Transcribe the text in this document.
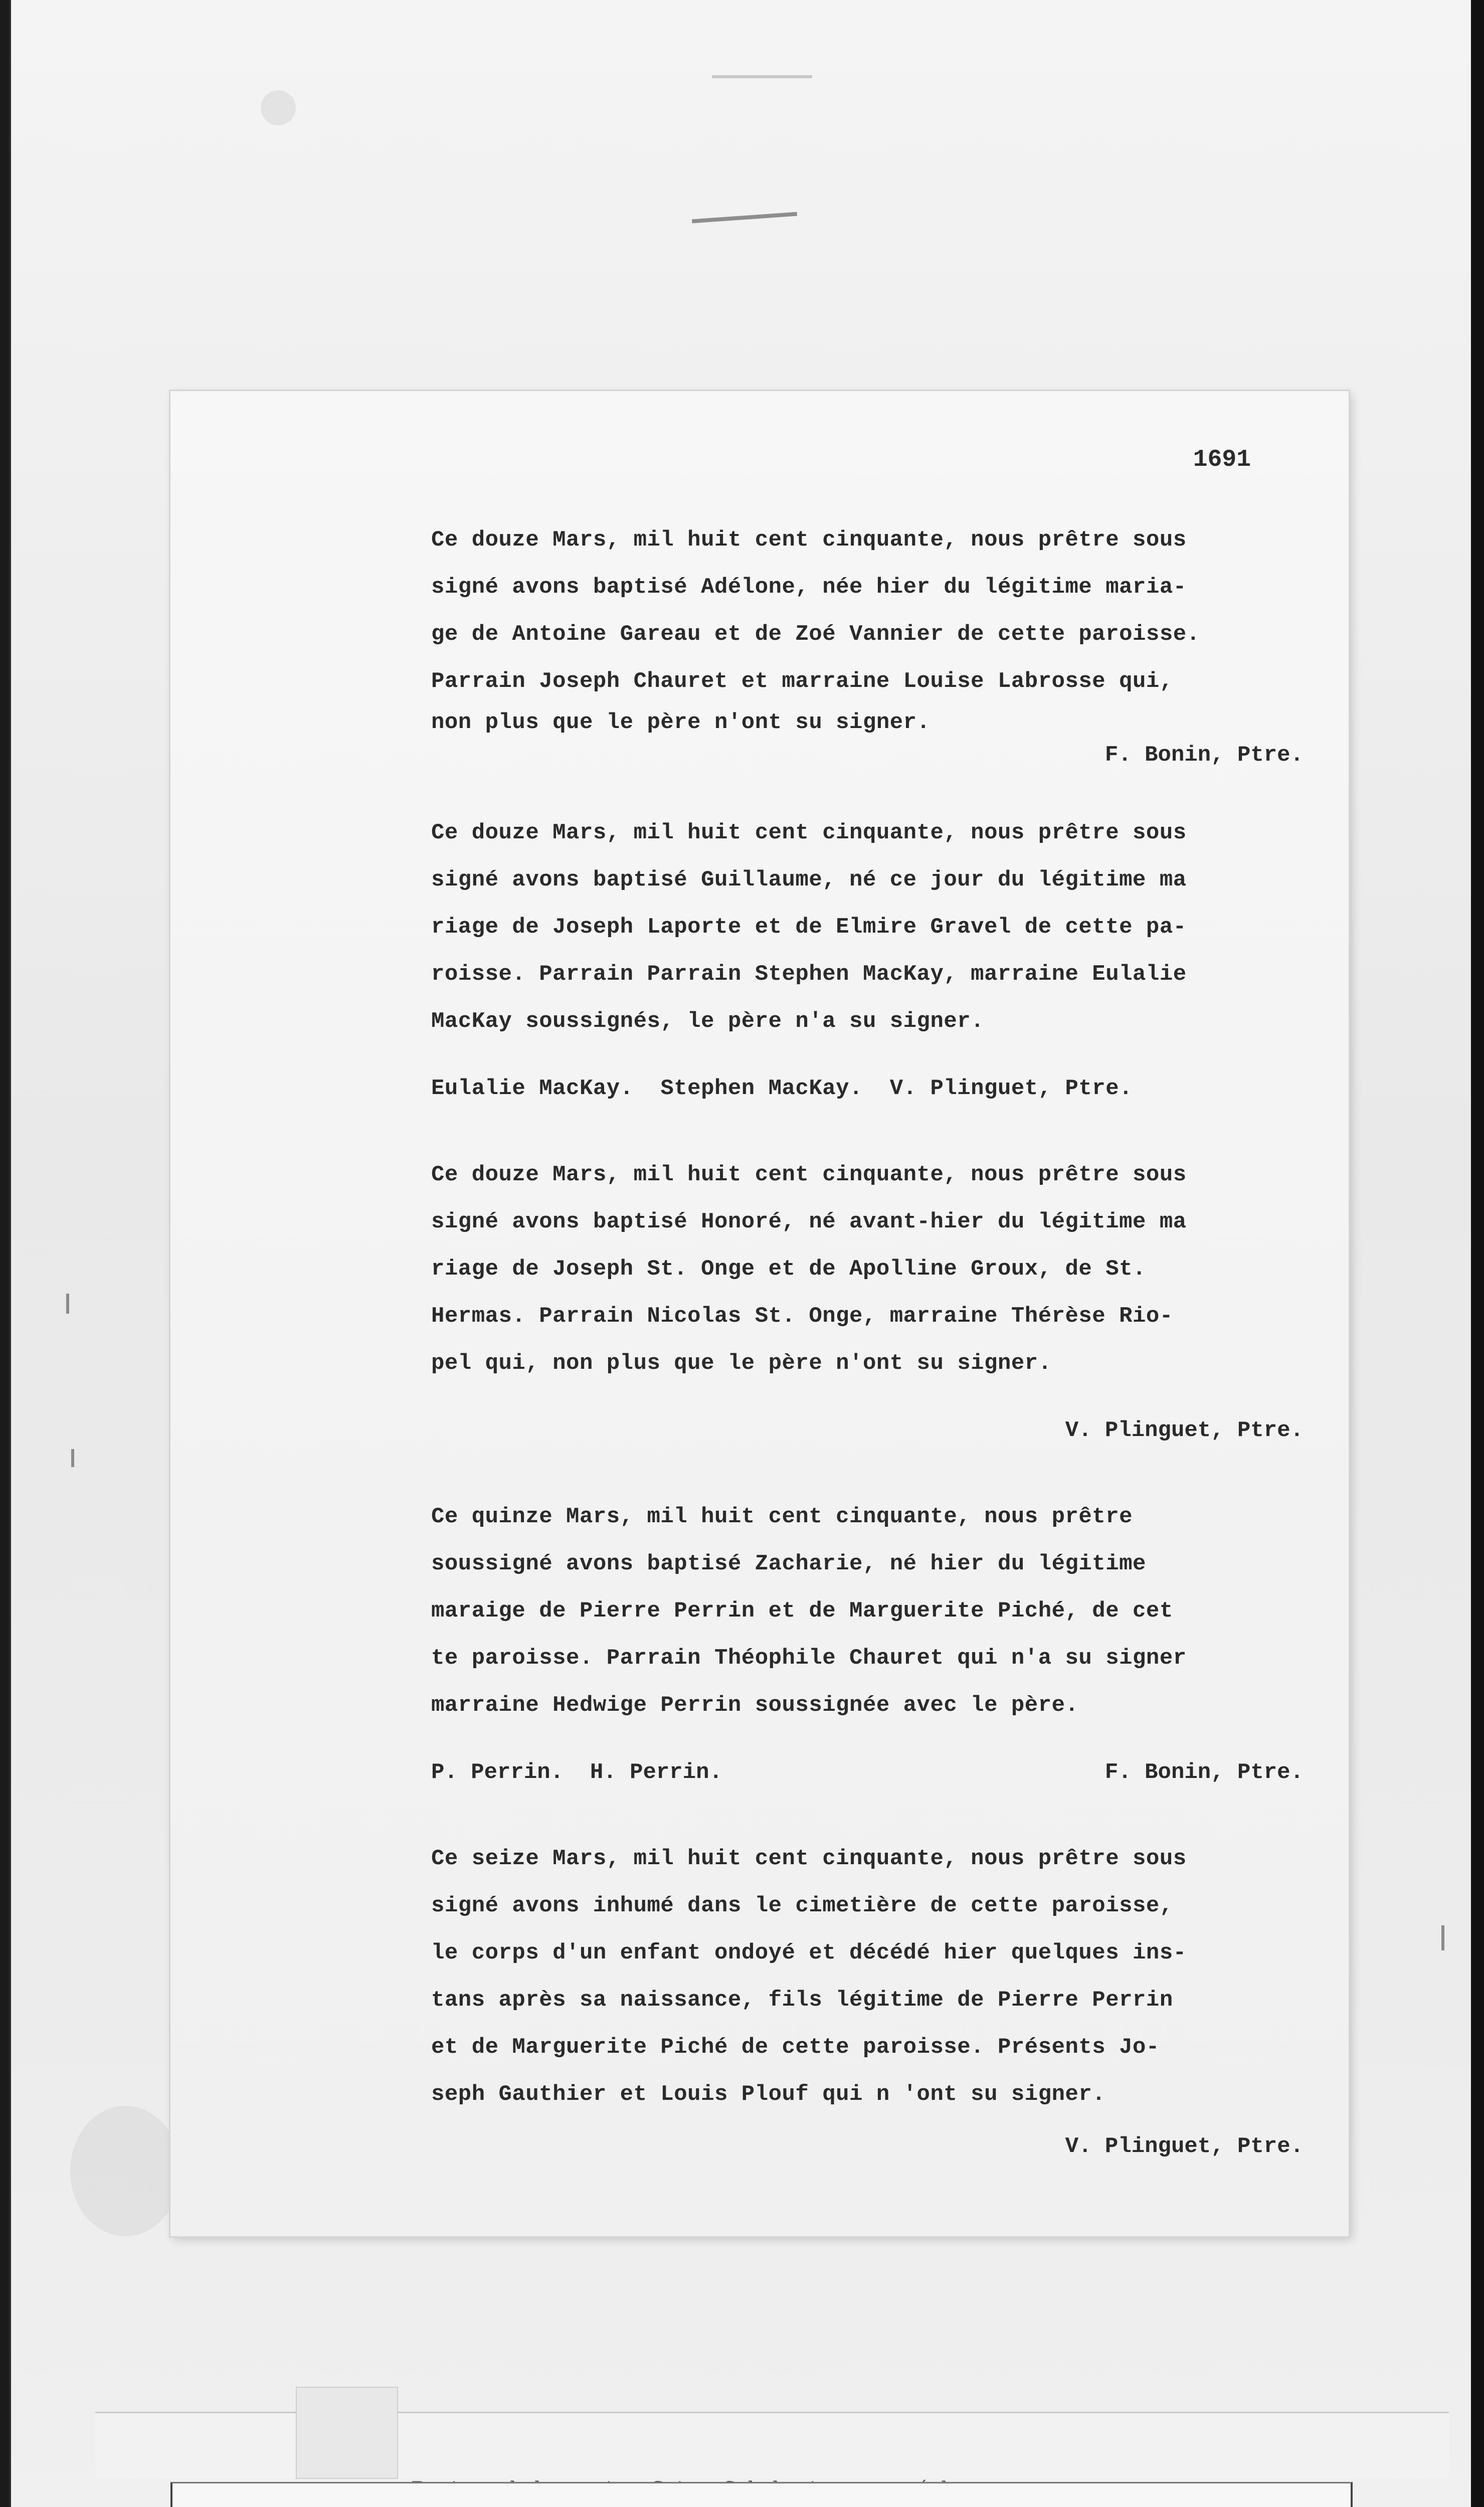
1691
Ce douze Mars, mil huit cent cinquante, nous prêtre sous
signé avons baptisé Adélone, née hier du légitime maria-
ge de Antoine Gareau et de Zoé Vannier de cette paroisse.
Parrain Joseph Chauret et marraine Louise Labrosse qui,
non plus que le père n'ont su signer.
F. Bonin, Ptre.
Ce douze Mars, mil huit cent cinquante, nous prêtre sous
signé avons baptisé Guillaume, né ce jour du légitime ma
riage de Joseph Laporte et de Elmire Gravel de cette pa-
roisse. Parrain Parrain Stephen MacKay, marraine Eulalie
MacKay soussignés, le père n'a su signer.
Eulalie MacKay.  Stephen MacKay.  V. Plinguet, Ptre.
Ce douze Mars, mil huit cent cinquante, nous prêtre sous
signé avons baptisé Honoré, né avant-hier du légitime ma
riage de Joseph St. Onge et de Apolline Groux, de St.
Hermas. Parrain Nicolas St. Onge, marraine Thérèse Rio-
pel qui, non plus que le père n'ont su signer.
V. Plinguet, Ptre.
Ce quinze Mars, mil huit cent cinquante, nous prêtre
soussigné avons baptisé Zacharie, né hier du légitime
maraige de Pierre Perrin et de Marguerite Piché, de cet
te paroisse. Parrain Théophile Chauret qui n'a su signer
marraine Hedwige Perrin soussignée avec le père.
P. Perrin.  H. Perrin.	F. Bonin, Ptre.
Ce seize Mars, mil huit cent cinquante, nous prêtre sous
signé avons inhumé dans le cimetière de cette paroisse,
le corps d'un enfant ondoyé et décédé hier quelques ins-
tans après sa naissance, fils légitime de Pierre Perrin
et de Marguerite Piché de cette paroisse. Présents Jo-
seph Gauthier et Louis Plouf qui n 'ont su signer.
V. Plinguet, Ptre.
